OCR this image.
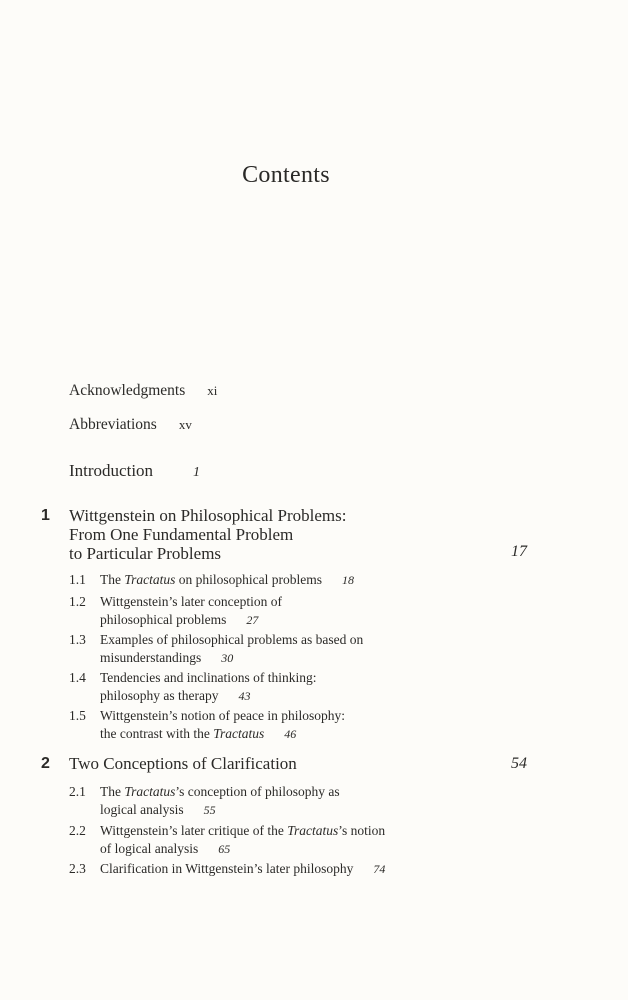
Contents
Acknowledgments xi
Abbreviations xv
Introduction	1
1 Wittgenstein on Philosophical Problems:
From One Fundamental Problem
to Particular Problems	17
1.1 The Tractatus on philosophical problems 18
1.2 Wittgenstein’s later conception of
philosophical problems 27
1.3 Examples of philosophical problems as based on
misunderstandings 30
1.4 Tendencies and inclinations of thinking:
philosophy as therapy 43
1.5 Wittgenstein’s notion of peace in philosophy:
the contrast with the Tractatus 46
2 Two Conceptions of Clarification	54
2.1 The Tractatus’s conception of philosophy as
logical analysis 55
2.2 Wittgenstein’s later critique of the Tractatus’s notion
of logical analysis 65
2.3 Clarification in Wittgenstein’s later philosophy 74
